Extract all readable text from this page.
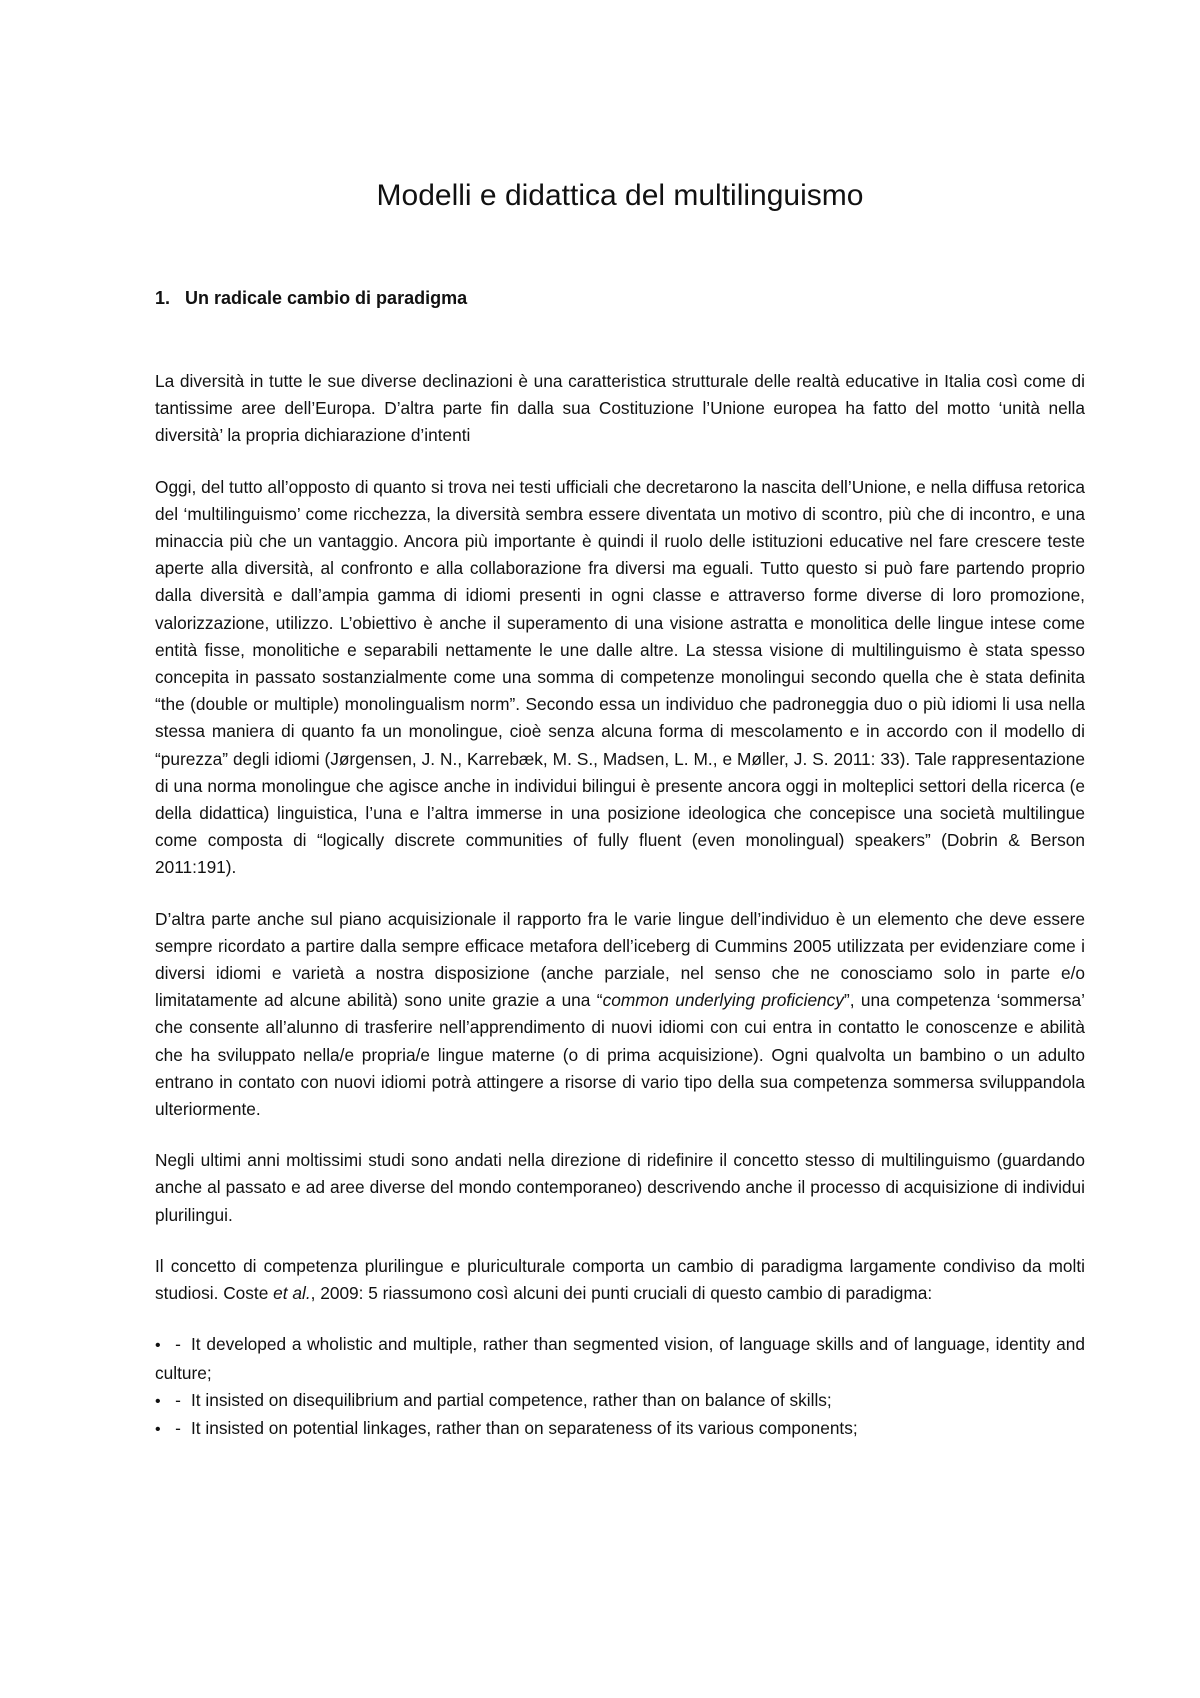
Modelli e didattica del multilinguismo
1. Un radicale cambio di paradigma

La diversità in tutte le sue diverse declinazioni è una caratteristica strutturale delle realtà educative in Italia così come di tantissime aree dell’Europa. D’altra parte fin dalla sua Costituzione l’Unione europea ha fatto del motto ‘unità nella diversità’ la propria dichiarazione d’intenti

Oggi, del tutto all’opposto di quanto si trova nei testi ufficiali che decretarono la nascita dell’Unione, e nella diffusa retorica del ‘multilinguismo’ come ricchezza, la diversità sembra essere diventata un motivo di scontro, più che di incontro, e una minaccia più che un vantaggio. Ancora più importante è quindi il ruolo delle istituzioni educative nel fare crescere teste aperte alla diversità, al confronto e alla collaborazione fra diversi ma eguali. Tutto questo si può fare partendo proprio dalla diversità e dall’ampia gamma di idiomi presenti in ogni classe e attraverso forme diverse di loro promozione, valorizzazione, utilizzo. L’obiettivo è anche il superamento di una visione astratta e monolitica delle lingue intese come entità fisse, monolitiche e separabili nettamente le une dalle altre. La stessa visione di multilinguismo è stata spesso concepita in passato sostanzialmente come una somma di competenze monolingui secondo quella che è stata definita “the (double or multiple) monolingualism norm”. Secondo essa un individuo che padroneggia duo o più idiomi li usa nella stessa maniera di quanto fa un monolingue, cioè senza alcuna forma di mescolamento e in accordo con il modello di “purezza” degli idiomi (Jørgensen, J. N., Karrebæk, M. S., Madsen, L. M., e Møller, J. S. 2011: 33). Tale rappresentazione di una norma monolingue che agisce anche in individui bilingui è presente ancora oggi in molteplici settori della ricerca (e della didattica) linguistica, l’una e l’altra immerse in una posizione ideologica che concepisce una società multilingue come composta di “logically discrete communities of fully fluent (even monolingual) speakers” (Dobrin & Berson 2011:191).

D’altra parte anche sul piano acquisizionale il rapporto fra le varie lingue dell’individuo è un elemento che deve essere sempre ricordato a partire dalla sempre efficace metafora dell’iceberg di Cummins 2005 utilizzata per evidenziare come i diversi idiomi e varietà a nostra disposizione (anche parziale, nel senso che ne conosciamo solo in parte e/o limitatamente ad alcune abilità) sono unite grazie a una “common underlying proficiency”, una competenza ‘sommersa’ che consente all’alunno di trasferire nell’apprendimento di nuovi idiomi con cui entra in contatto le conoscenze e abilità che ha sviluppato nella/e propria/e lingue materne (o di prima acquisizione). Ogni qualvolta un bambino o un adulto entrano in contato con nuovi idiomi potrà attingere a risorse di vario tipo della sua competenza sommersa sviluppandola ulteriormente.

Negli ultimi anni moltissimi studi sono andati nella direzione di ridefinire il concetto stesso di multilinguismo (guardando anche al passato e ad aree diverse del mondo contemporaneo) descrivendo anche il processo di acquisizione di individui plurilingui.

Il concetto di competenza plurilingue e pluriculturale comporta un cambio di paradigma largamente condiviso da molti studiosi. Coste et al., 2009: 5 riassumono così alcuni dei punti cruciali di questo cambio di paradigma:

• - It developed a wholistic and multiple, rather than segmented vision, of language skills and of language, identity and culture;
• - It insisted on disequilibrium and partial competence, rather than on balance of skills;
• - It insisted on potential linkages, rather than on separateness of its various components;
